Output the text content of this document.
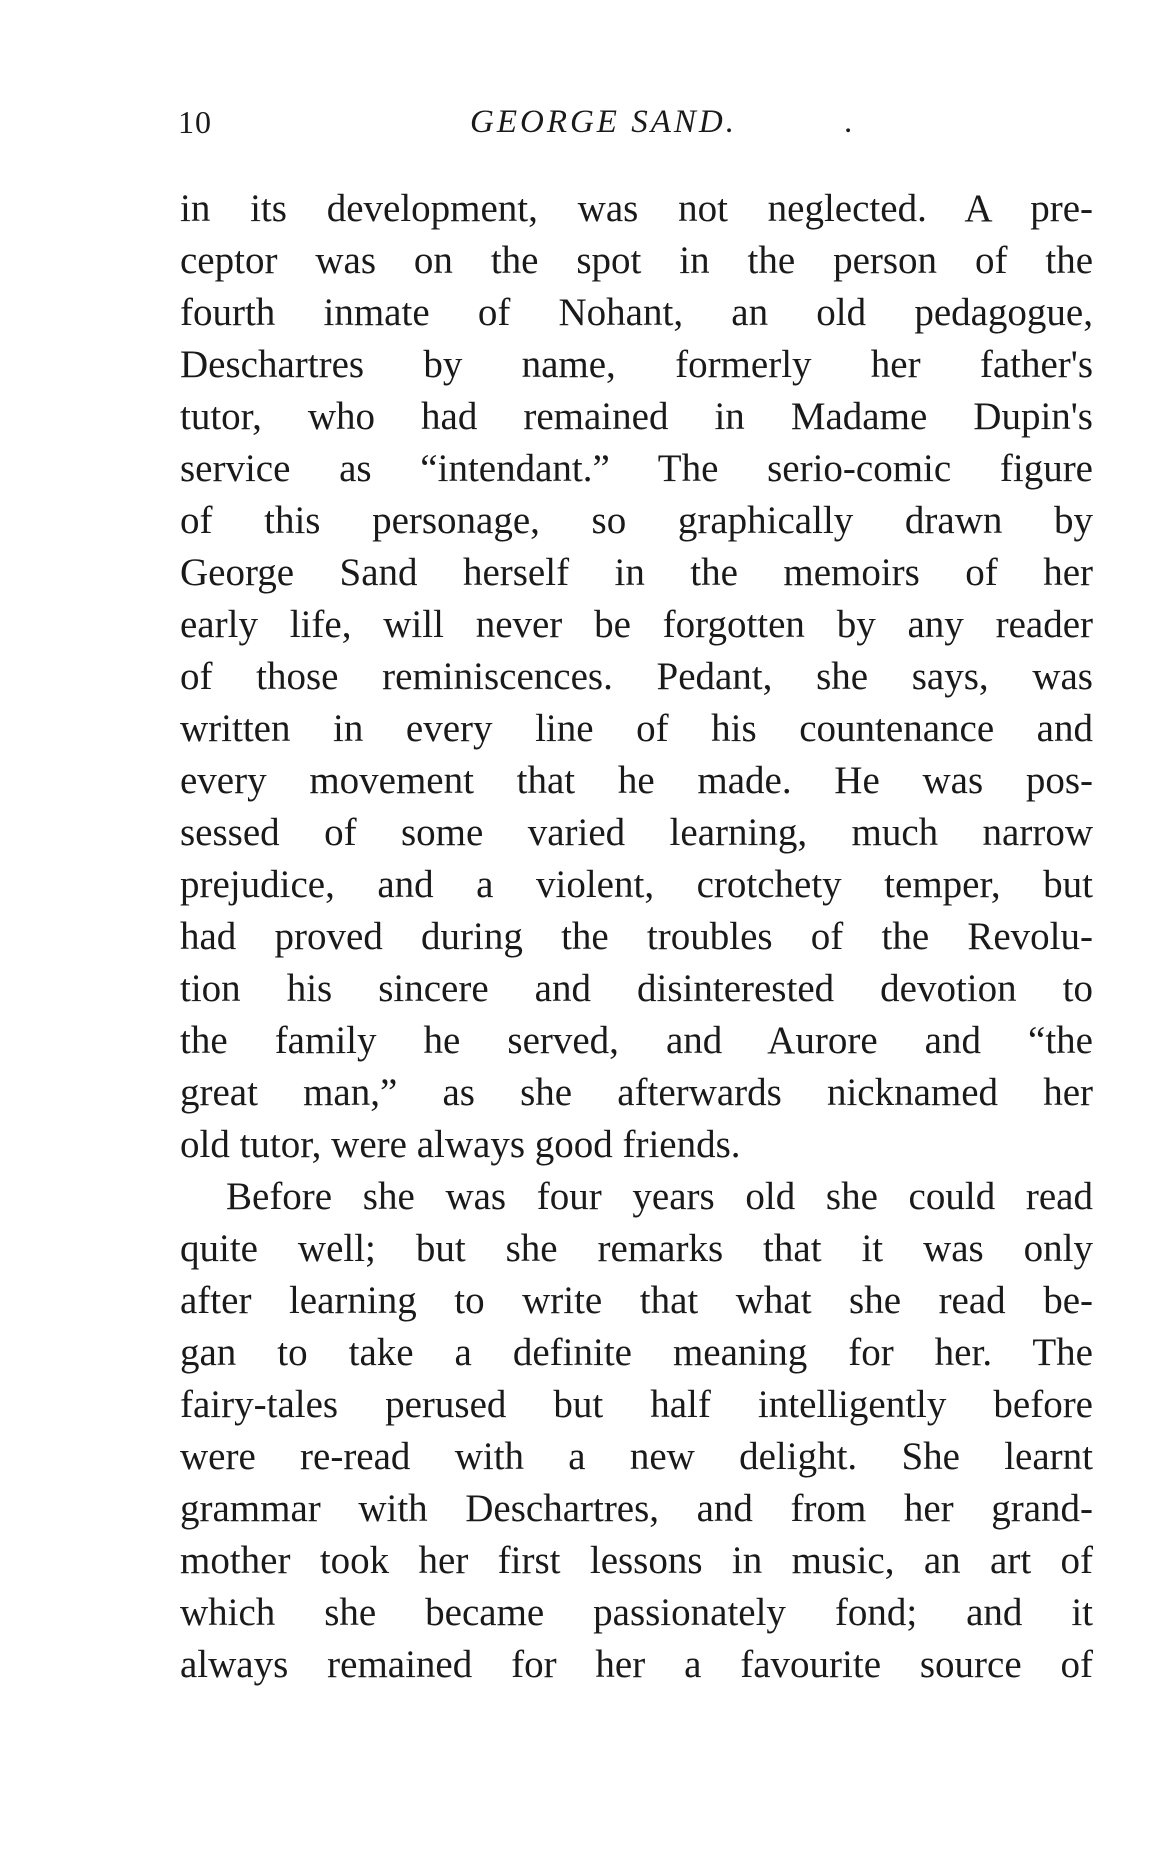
10	GEORGE SAND.	.
in its development, was not neglected. A pre-
ceptor was on the spot in the person of the
fourth inmate of Nohant, an old pedagogue,
Deschartres by name, formerly her father's
tutor, who had remained in Madame Dupin's
service as “intendant.” The serio-comic figure
of this personage, so graphically drawn by
George Sand herself in the memoirs of her
early life, will never be forgotten by any reader
of those reminiscences. Pedant, she says, was
written in every line of his countenance and
every movement that he made. He was pos-
sessed of some varied learning, much narrow
prejudice, and a violent, crotchety temper, but
had proved during the troubles of the Revolu-
tion his sincere and disinterested devotion to
the family he served, and Aurore and “the
great man,” as she afterwards nicknamed her
old tutor, were always good friends.
Before she was four years old she could read
quite well; but she remarks that it was only
after learning to write that what she read be-
gan to take a definite meaning for her. The
fairy-tales perused but half intelligently before
were re-read with a new delight. She learnt
grammar with Deschartres, and from her grand-
mother took her first lessons in music, an art of
which she became passionately fond; and it
always remained for her a favourite source of
